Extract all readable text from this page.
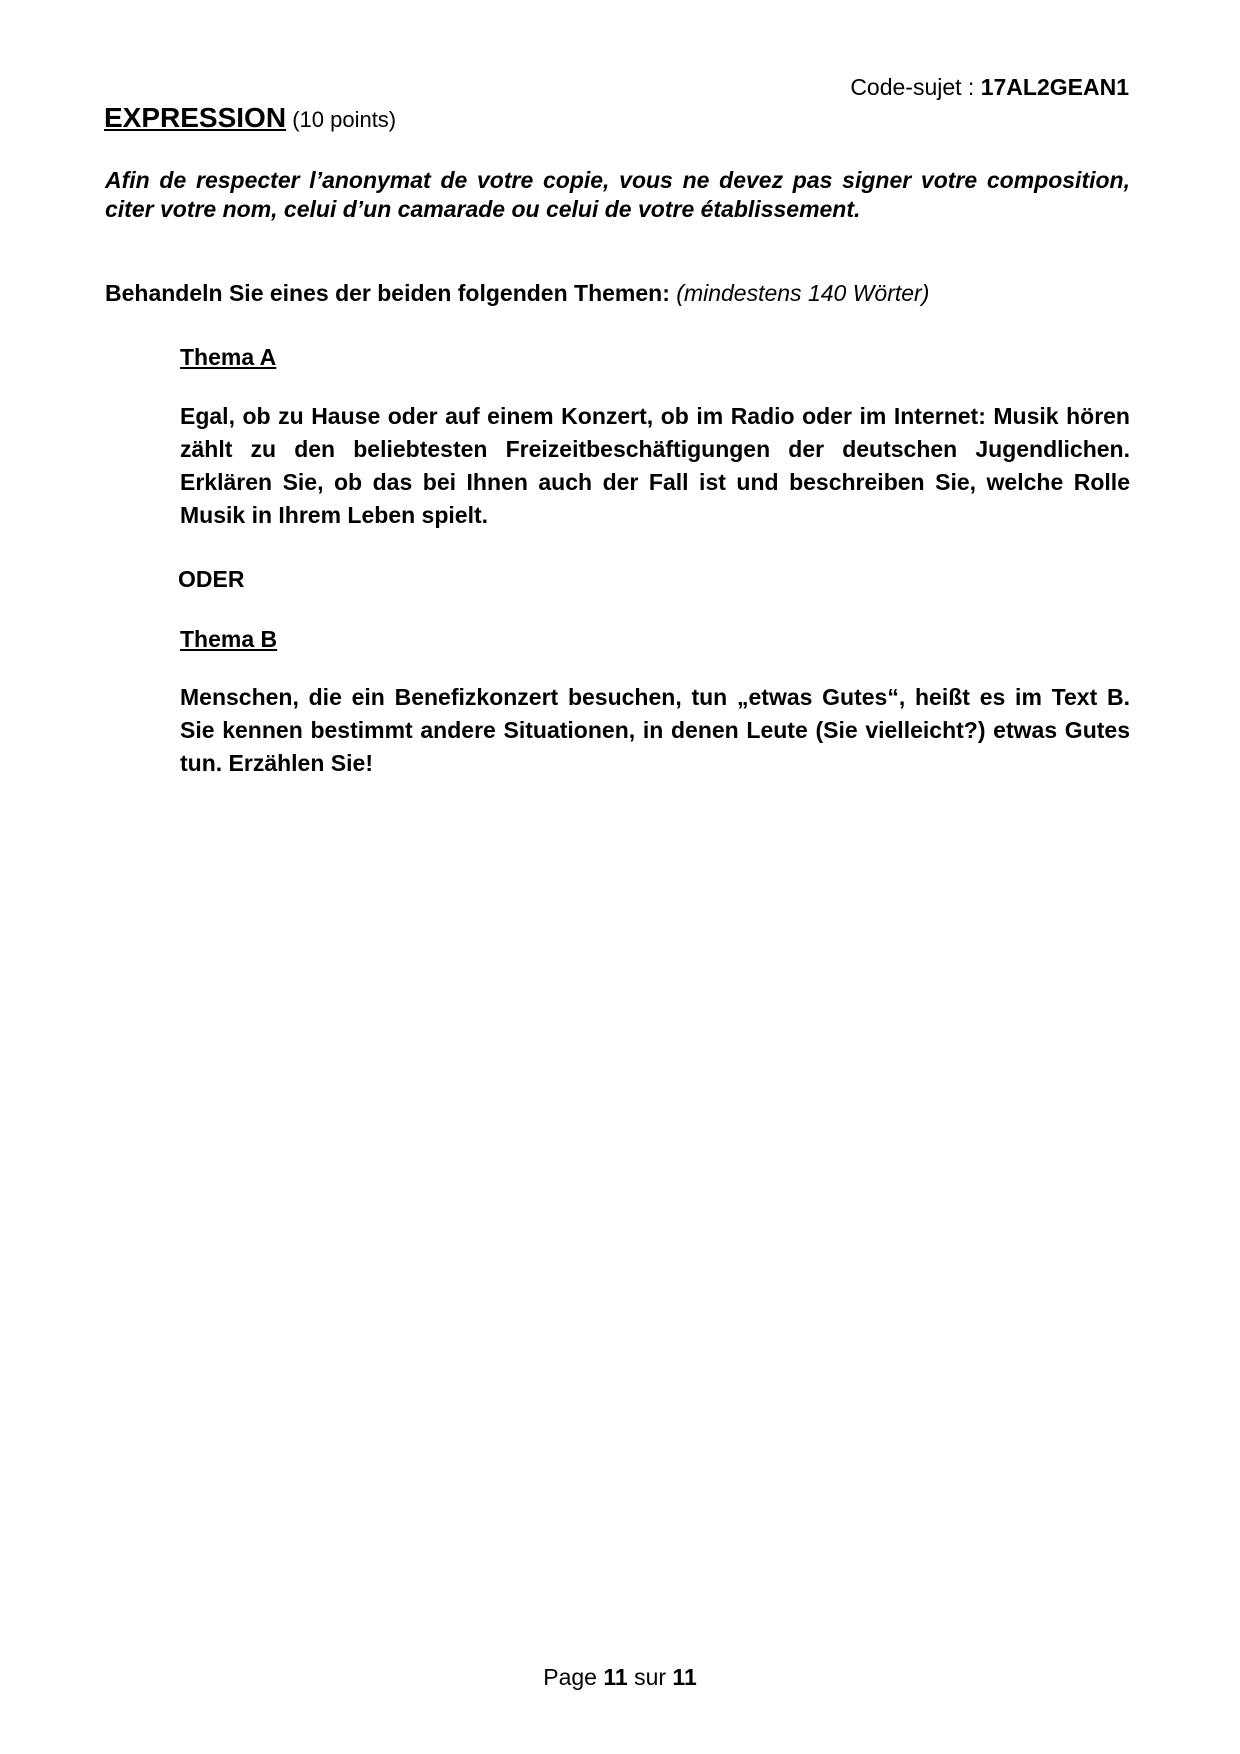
Code-sujet : 17AL2GEAN1
EXPRESSION (10 points)
Afin de respecter l’anonymat de votre copie, vous ne devez pas signer votre composition, citer votre nom, celui d’un camarade ou celui de votre établissement.
Behandeln Sie eines der beiden folgenden Themen: (mindestens 140 Wörter)
Thema A
Egal, ob zu Hause oder auf einem Konzert, ob im Radio oder im Internet: Musik hören zählt zu den beliebtesten Freizeitbeschäftigungen der deutschen Jugendlichen. Erklären Sie, ob das bei Ihnen auch der Fall ist und beschreiben Sie, welche Rolle Musik in Ihrem Leben spielt.
ODER
Thema B
Menschen, die ein Benefizkonzert besuchen, tun „etwas Gutes“, heißt es im Text B. Sie kennen bestimmt andere Situationen, in denen Leute (Sie vielleicht?) etwas Gutes tun. Erzählen Sie!
Page 11 sur 11
